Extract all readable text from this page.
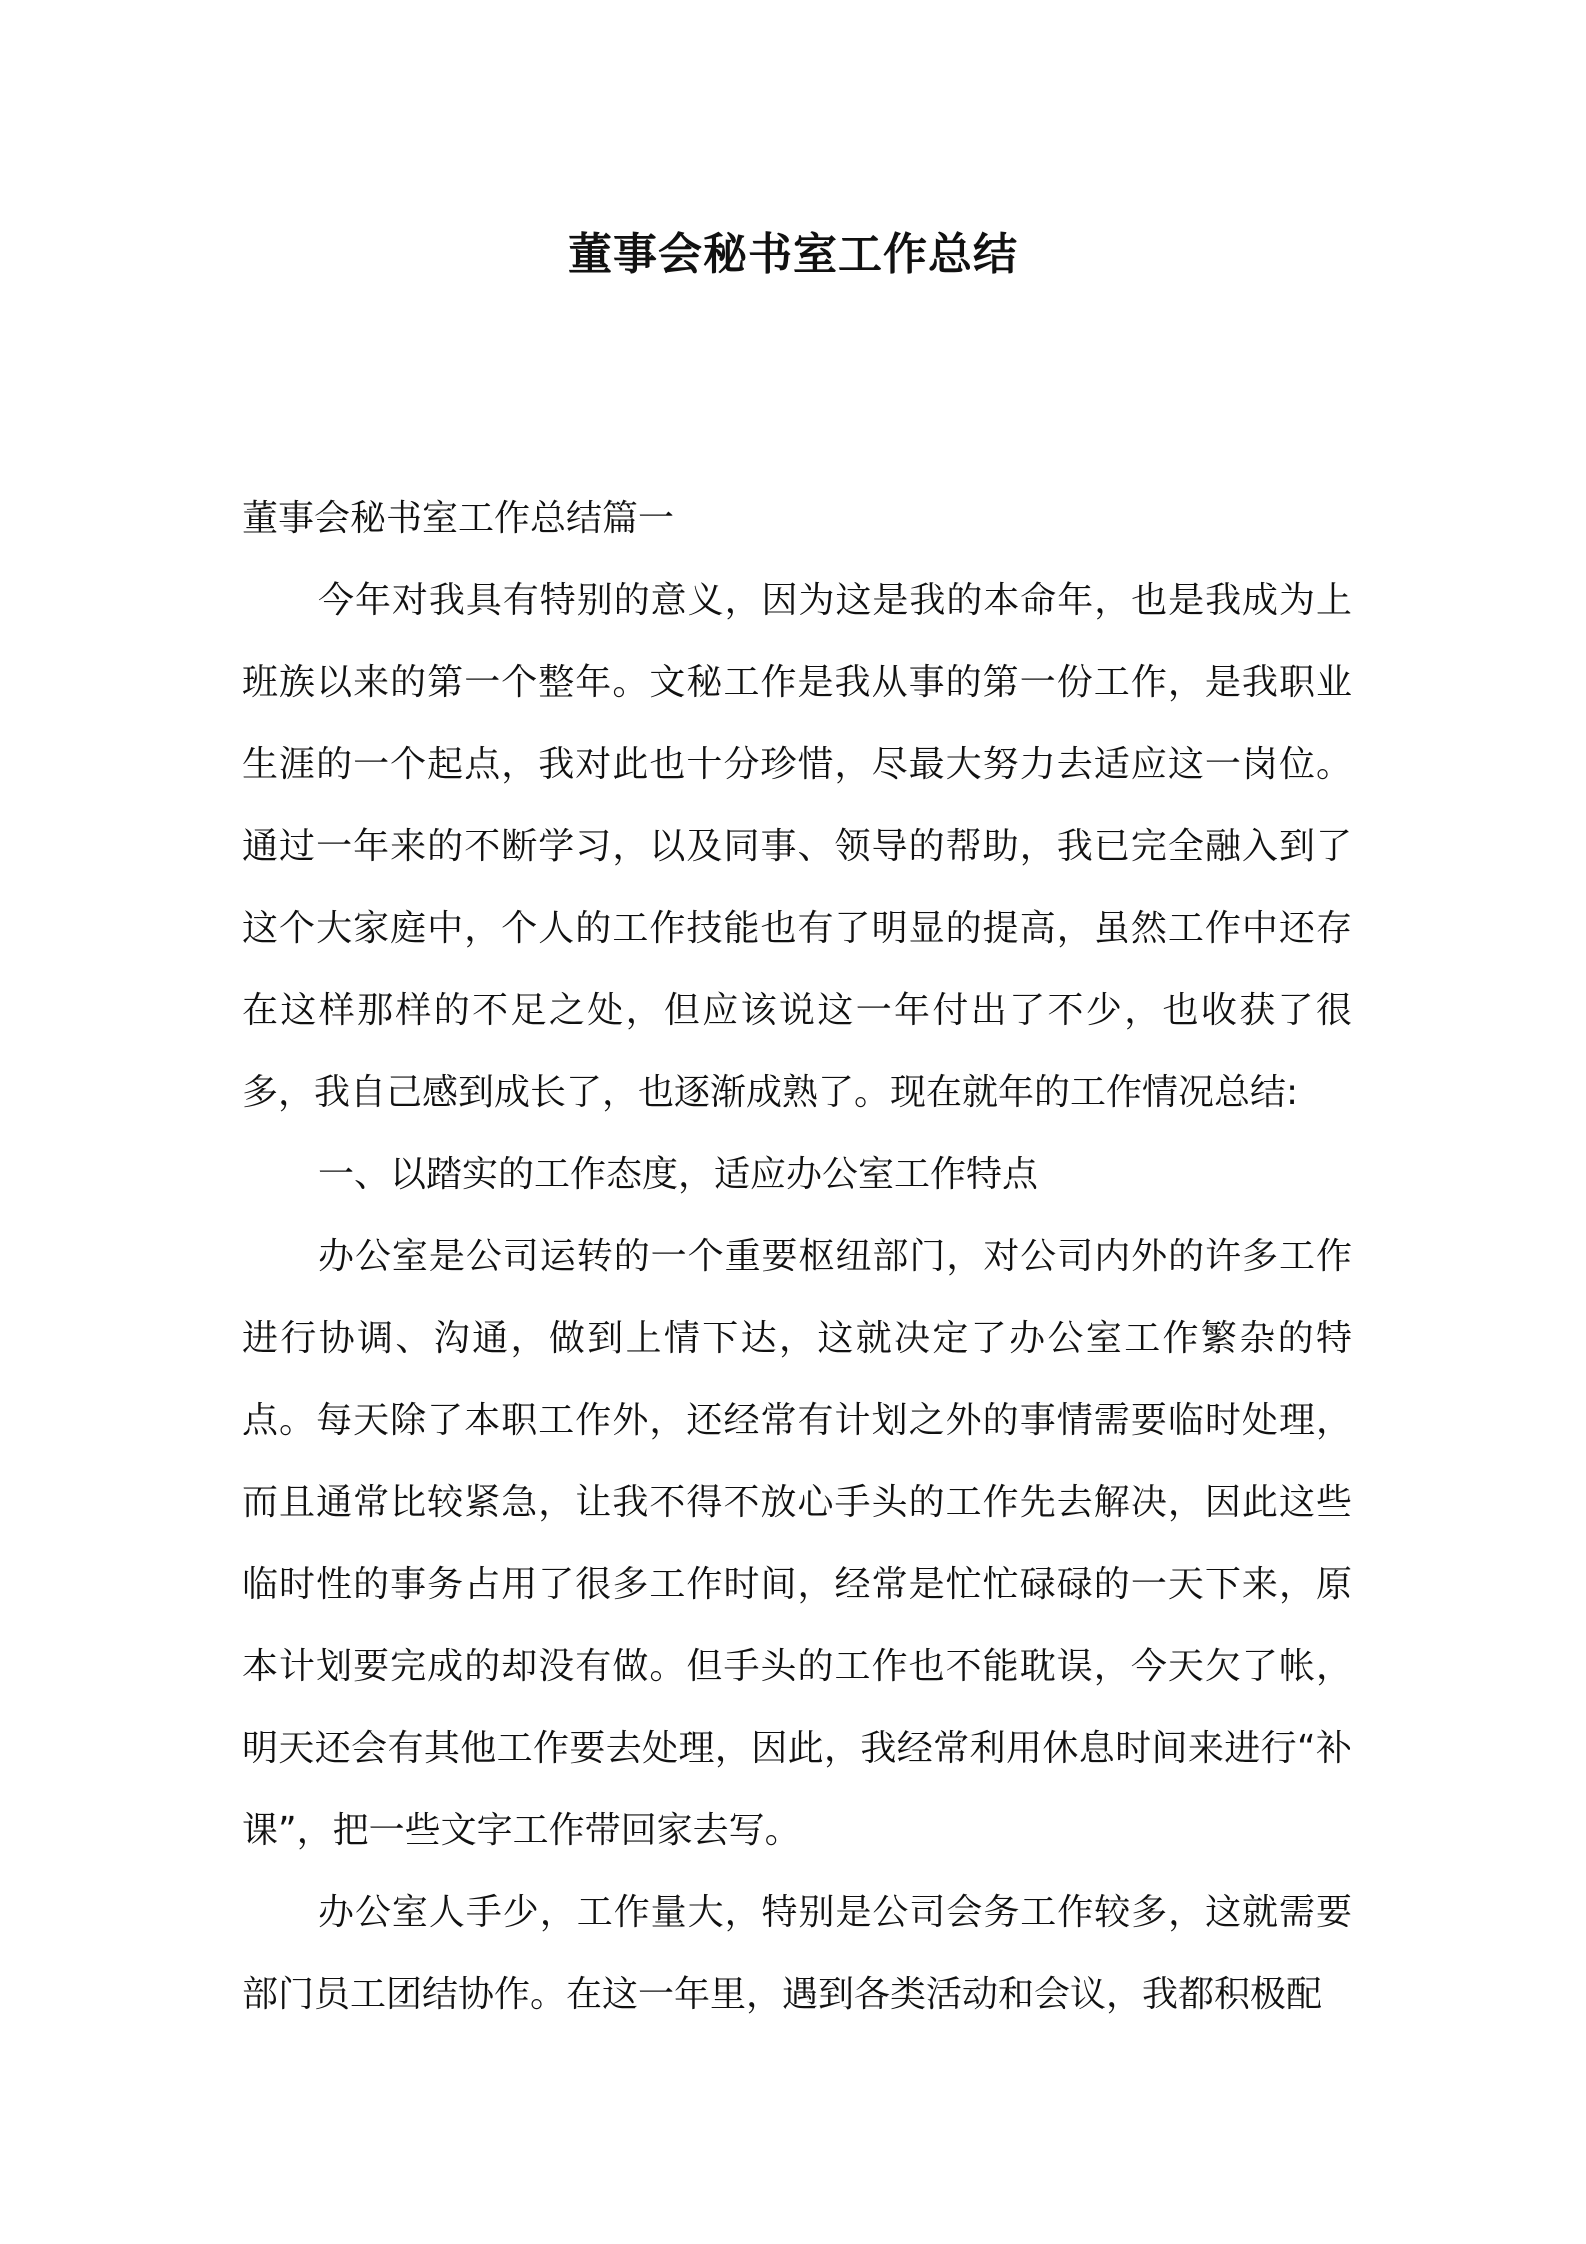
董事会秘书室工作总结

董事会秘书室工作总结篇一

今年对我具有特别的意义，因为这是我的本命年，也是我成为上班族以来的第一个整年。文秘工作是我从事的第一份工作，是我职业生涯的一个起点，我对此也十分珍惜，尽最大努力去适应这一岗位。通过一年来的不断学习，以及同事、领导的帮助，我已完全融入到了这个大家庭中，个人的工作技能也有了明显的提高，虽然工作中还存在这样那样的不足之处，但应该说这一年付出了不少，也收获了很多，我自己感到成长了，也逐渐成熟了。现在就年的工作情况总结:

一、以踏实的工作态度，适应办公室工作特点

办公室是公司运转的一个重要枢纽部门，对公司内外的许多工作进行协调、沟通，做到上情下达，这就决定了办公室工作繁杂的特点。每天除了本职工作外，还经常有计划之外的事情需要临时处理，而且通常比较紧急，让我不得不放心手头的工作先去解决，因此这些临时性的事务占用了很多工作时间，经常是忙忙碌碌的一天下来，原本计划要完成的却没有做。但手头的工作也不能耽误，今天欠了帐，明天还会有其他工作要去处理，因此，我经常利用休息时间来进行“补课”，把一些文字工作带回家去写。

办公室人手少，工作量大，特别是公司会务工作较多，这就需要部门员工团结协作。在这一年里，遇到各类活动和会议，我都积极配
